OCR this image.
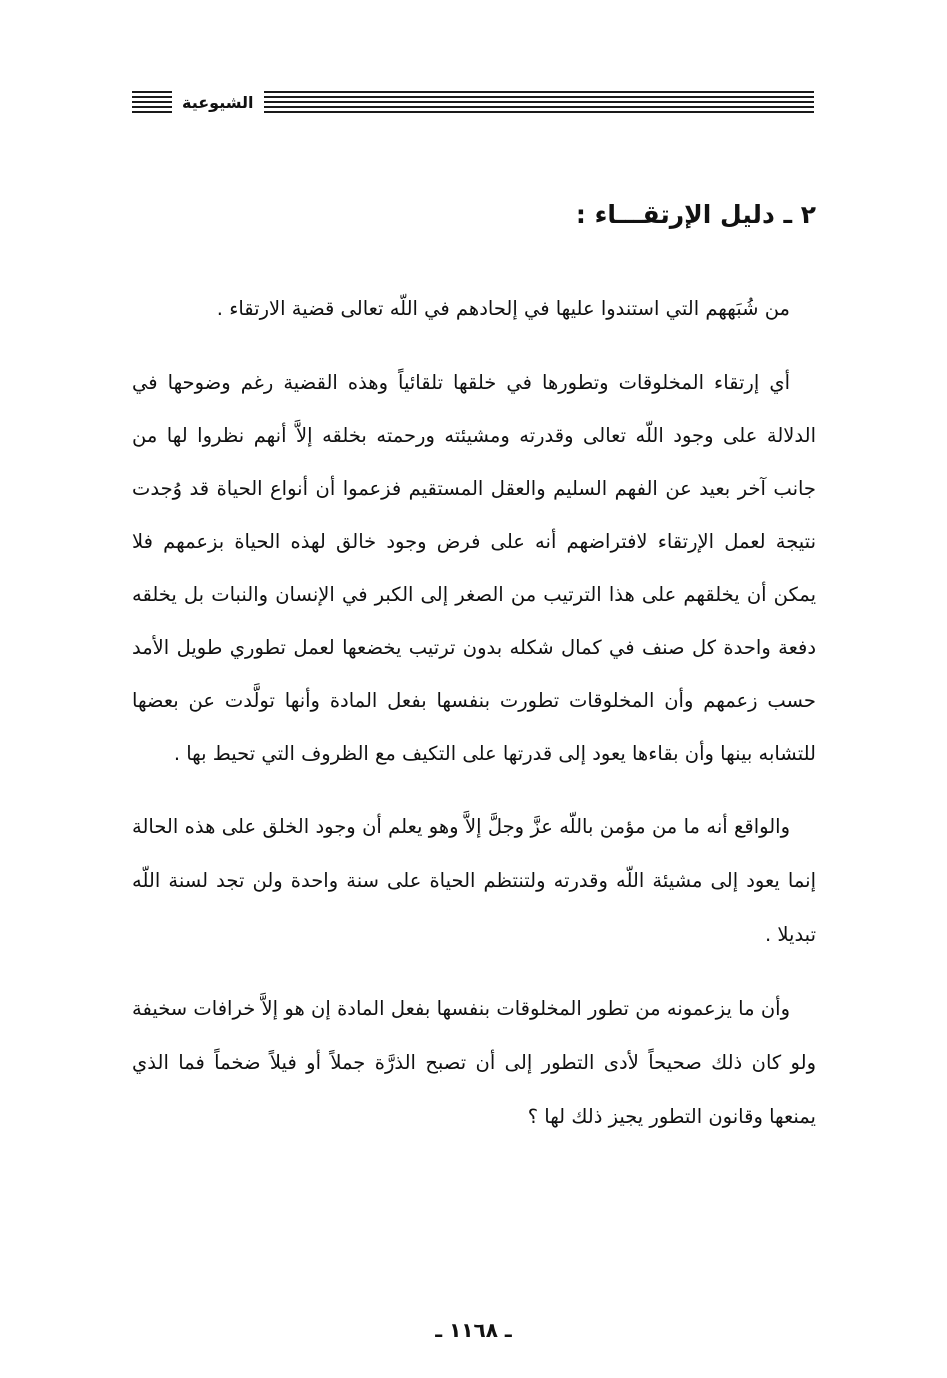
الشيوعية
٢ ـ دليل الإرتقـــاء :

من شُبَههم التي استندوا عليها في إلحادهم في اللّه تعالى قضية الارتقاء .

أي إرتقاء المخلوقات وتطورها في خلقها تلقائياً وهذه القضية رغم وضوحها في الدلالة على وجود اللّه تعالى وقدرته ومشيئته ورحمته بخلقه إلاَّ أنهم نظروا لها من جانب آخر بعيد عن الفهم السليم والعقل المستقيم فزعموا أن أنواع الحياة قد وُجدت نتيجة لعمل الإرتقاء لافتراضهم أنه على فرض وجود خالق لهذه الحياة بزعمهم فلا يمكن أن يخلقهم على هذا الترتيب من الصغر إلى الكبر في الإنسان والنبات بل يخلقه دفعة واحدة كل صنف في كمال شكله بدون ترتيب يخضعها لعمل تطوري طويل الأمد حسب زعمهم وأن المخلوقات تطورت بنفسها بفعل المادة وأنها تولَّدت عن بعضها للتشابه بينها وأن بقاءها يعود إلى قدرتها على التكيف مع الظروف التي تحيط بها .

والواقع أنه ما من مؤمن باللّه عزَّ وجلَّ إلاَّ وهو يعلم أن وجود الخلق على هذه الحالة إنما يعود إلى مشيئة اللّه وقدرته ولتنتظم الحياة على سنة واحدة ولن تجد لسنة اللّه تبديلا .

وأن ما يزعمونه من تطور المخلوقات بنفسها بفعل المادة إن هو إلاَّ خرافات سخيفة ولو كان ذلك صحيحاً لأدى التطور إلى أن تصبح الذرَّة جملاً أو فيلاً ضخماً فما الذي يمنعها وقانون التطور يجيز ذلك لها ؟

ـ ١١٦٨ ـ
